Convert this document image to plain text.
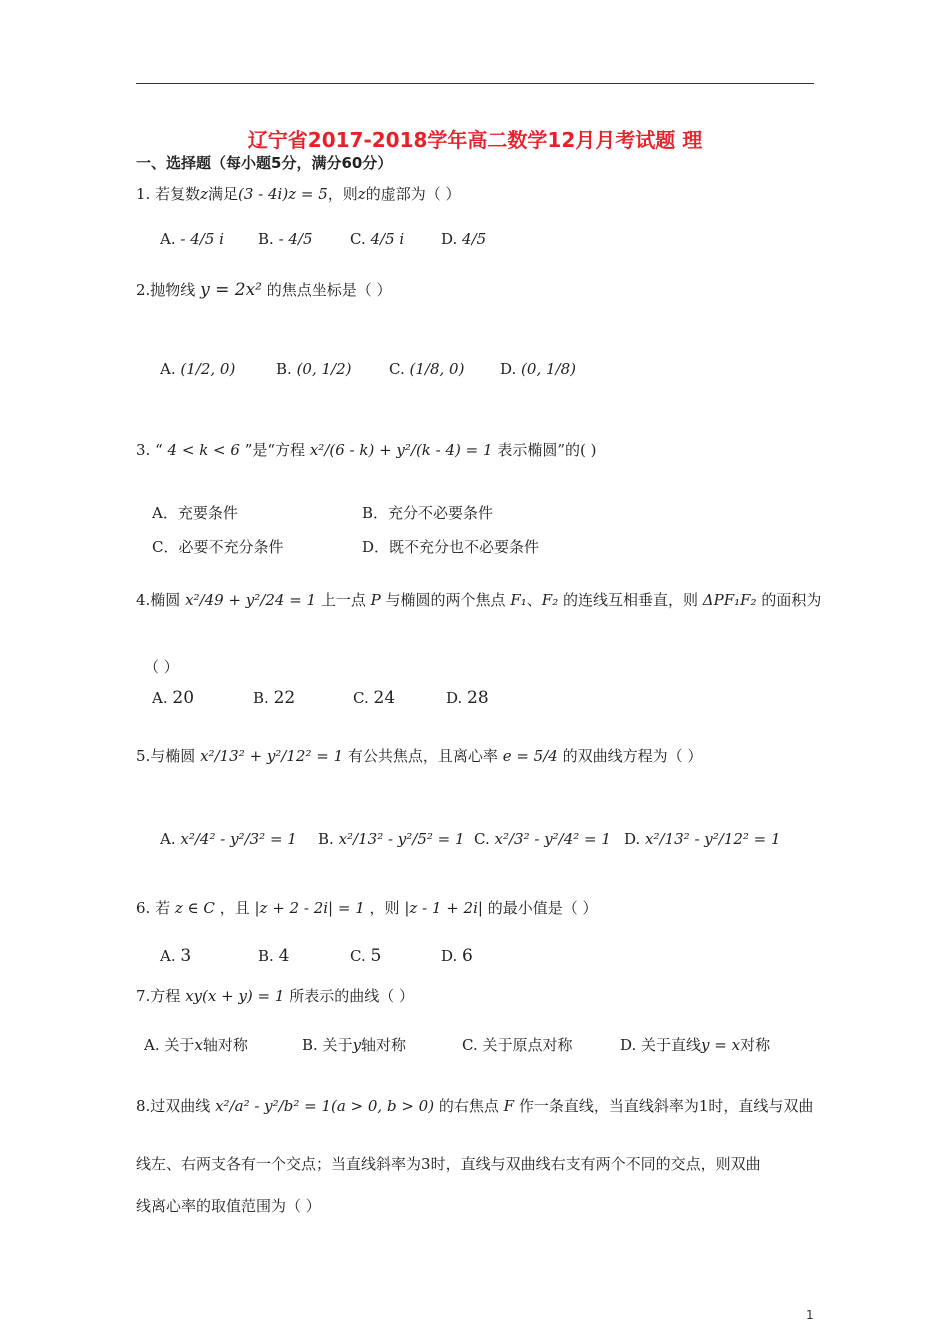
辽宁省2017-2018学年高二数学12月月考试题 理
一、选择题（每小题5分，满分60分）
1. 若复数z满足(3 - 4i)z = 5，则z的虚部为（ ）
A. - 4/5 i B. - 4/5 C. 4/5 i D. 4/5
2.抛物线 y = 2x² 的焦点坐标是（ ）
A. (1/2, 0)	B. (0, 1/2) C. (1/8, 0) D. (0, 1/8)
3. “ 4 < k < 6 ”是“方程 x²/(6 - k) + y²/(k - 4) = 1 表示椭圆”的( )
A．充要条件	B．充分不必要条件
C．必要不充分条件	D．既不充分也不必要条件
4.椭圆 x²/49 + y²/24 = 1 上一点 P 与椭圆的两个焦点 F₁、F₂ 的连线互相垂直，则 ΔPF₁F₂ 的面积为
（ ）
A. 20	B. 22	C. 24	D. 28
5.与椭圆 x²/13² + y²/12² = 1 有公共焦点，且离心率 e = 5/4 的双曲线方程为（ ）
A. x²/4² - y²/3² = 1 B. x²/13² - y²/5² = 1 C. x²/3² - y²/4² = 1 D. x²/13² - y²/12² = 1
6. 若 z ∈ C ，且 |z + 2 - 2i| = 1 ，则 |z - 1 + 2i| 的最小值是（ ）
A. 3	B. 4	C. 5	D. 6
7.方程 xy(x + y) = 1 所表示的曲线（ ）
A. 关于x轴对称	B. 关于y轴对称	C. 关于原点对称	D. 关于直线y = x对称
8.过双曲线 x²/a² - y²/b² = 1(a > 0, b > 0) 的右焦点 F 作一条直线，当直线斜率为1时，直线与双曲
线左、右两支各有一个交点；当直线斜率为3时，直线与双曲线右支有两个不同的交点，则双曲
线离心率的取值范围为（ ）
1
